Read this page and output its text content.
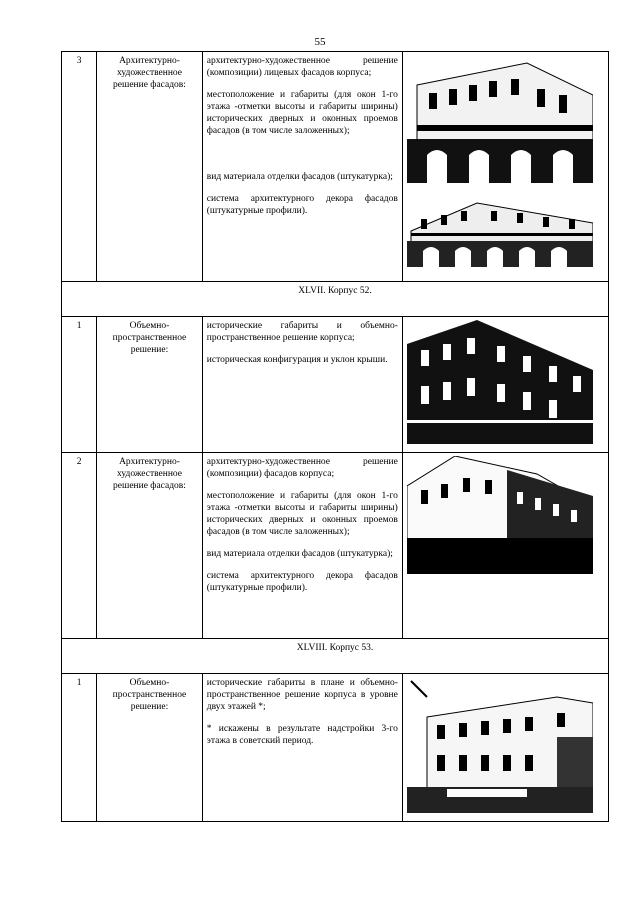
55
3	Архитектурно-художественное решение фасадов:	архитектурно-художественное решение (композиции) лицевых фасадов корпуса;

местоположение и габариты (для окон 1-го этажа -отметки высоты и габариты ширины) исторических дверных и оконных проемов фасадов (в том числе заложенных);

вид материала отделки фасадов (штукатурка);

система архитектурного декора фасадов (штукатурные профили).

XLVII. Корпус 52.			
1	Объемно-пространственное решение:	исторические габариты и объемно-пространственное решение корпуса;

историческая конфигурация и уклон крыши.

2	Архитектурно-художественное решение фасадов:	архитектурно-художественное решение (композиции) фасадов корпуса;

местоположение и габариты (для окон 1-го этажа -отметки высоты и габариты ширины) исторических дверных и оконных проемов фасадов (в том числе заложенных);

вид материала отделки фасадов (штукатурка);

система архитектурного декора фасадов (штукатурные профили).

XLVIII. Корпус 53.			
1	Объемно-пространственное решение:	исторические габариты в плане и объемно-пространственное решение корпуса в уровне двух этажей *;

* искажены в результате надстройки 3-го этажа в советский период.
